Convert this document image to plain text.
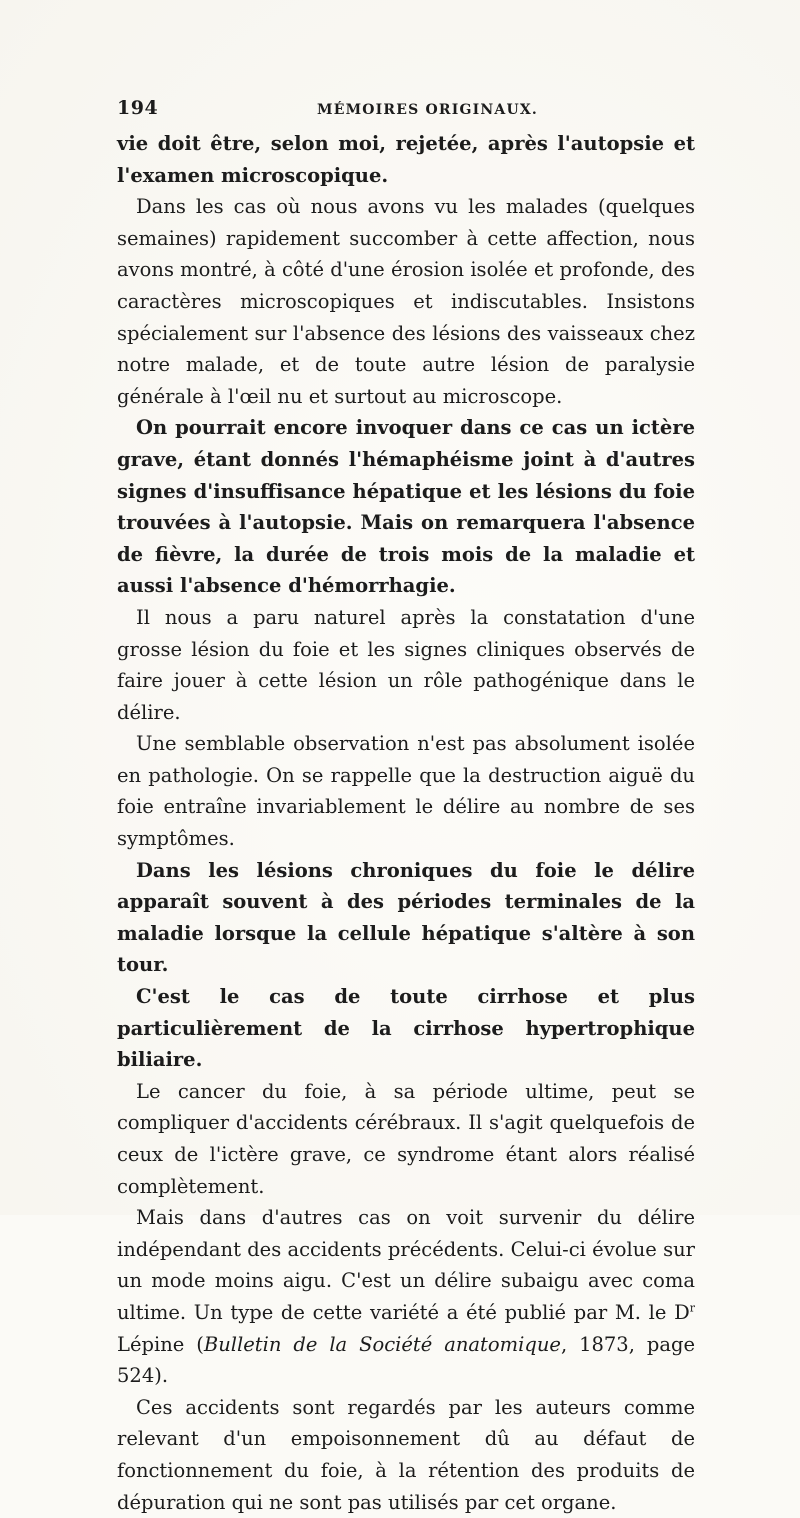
194	MÉMOIRES ORIGINAUX.

vie doit être, selon moi, rejetée, après l'autopsie et l'examen microscopique.

Dans les cas où nous avons vu les malades (quelques semaines) rapidement succomber à cette affection, nous avons montré, à côté d'une érosion isolée et profonde, des caractères microscopiques et indiscutables. Insistons spécialement sur l'absence des lésions des vaisseaux chez notre malade, et de toute autre lésion de paralysie générale à l'œil nu et surtout au microscope.

On pourrait encore invoquer dans ce cas un ictère grave, étant donnés l'hémaphéisme joint à d'autres signes d'insuffisance hépatique et les lésions du foie trouvées à l'autopsie. Mais on remarquera l'absence de fièvre, la durée de trois mois de la maladie et aussi l'absence d'hémorrhagie.

Il nous a paru naturel après la constatation d'une grosse lésion du foie et les signes cliniques observés de faire jouer à cette lésion un rôle pathogénique dans le délire.

Une semblable observation n'est pas absolument isolée en pathologie. On se rappelle que la destruction aiguë du foie entraîne invariablement le délire au nombre de ses symptômes.

Dans les lésions chroniques du foie le délire apparaît souvent à des périodes terminales de la maladie lorsque la cellule hépatique s'altère à son tour.

C'est le cas de toute cirrhose et plus particulièrement de la cirrhose hypertrophique biliaire.

Le cancer du foie, à sa période ultime, peut se compliquer d'accidents cérébraux. Il s'agit quelquefois de ceux de l'ictère grave, ce syndrome étant alors réalisé complètement.

Mais dans d'autres cas on voit survenir du délire indépendant des accidents précédents. Celui-ci évolue sur un mode moins aigu. C'est un délire subaigu avec coma ultime. Un type de cette variété a été publié par M. le $D^r$ Lépine (Bulletin de la Société anatomique, 1873, page 524).

Ces accidents sont regardés par les auteurs comme relevant d'un empoisonnement dû au défaut de fonctionnement du foie, à la rétention des produits de dépuration qui ne sont pas utilisés par cet organe.
